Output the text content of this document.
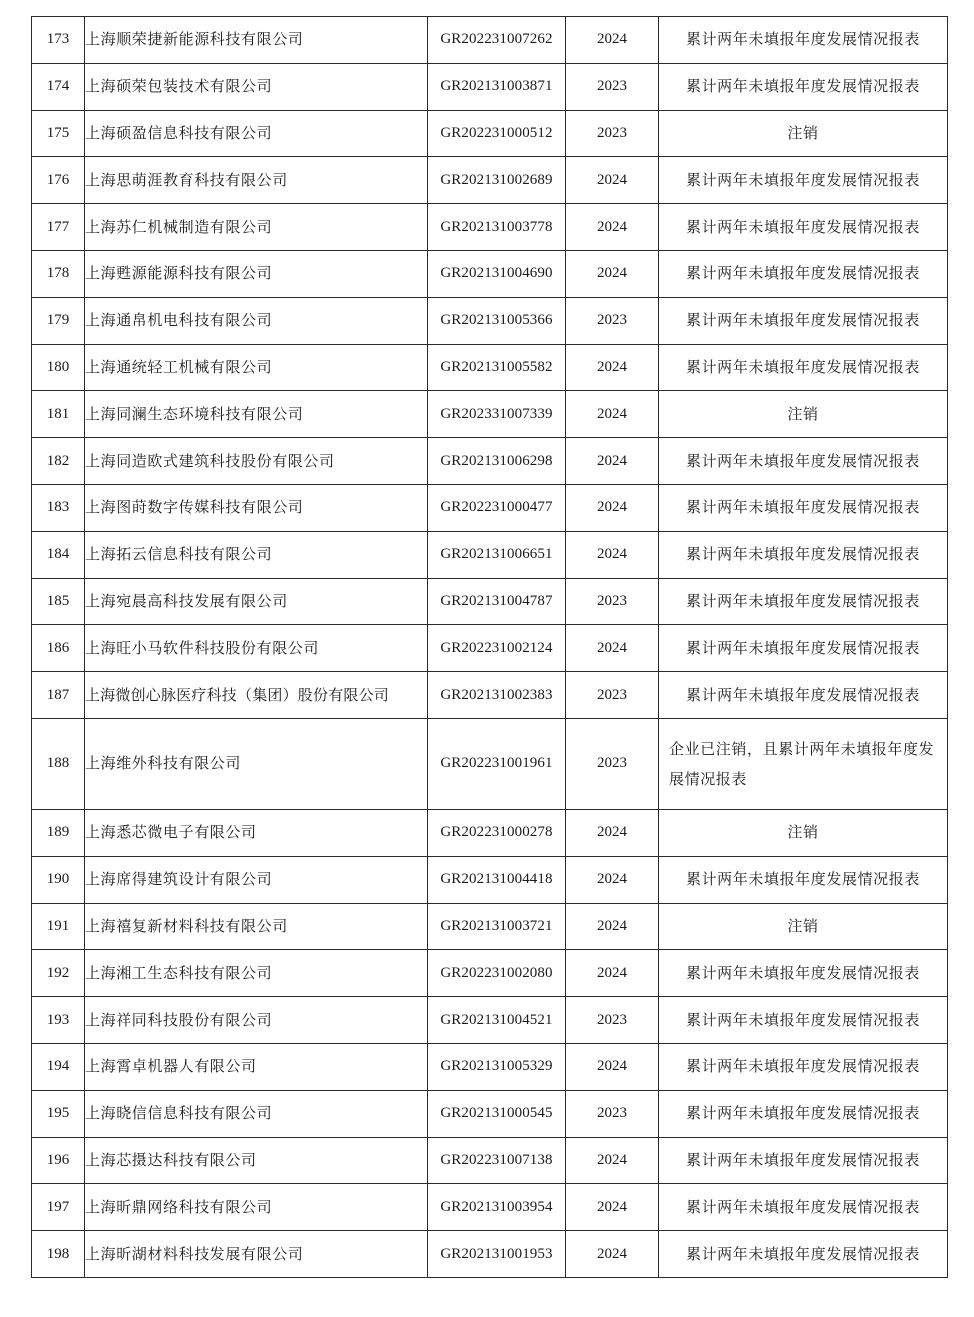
173	上海顺荣捷新能源科技有限公司	GR202231007262	2024	累计两年未填报年度发展情况报表
174	上海硕荣包装技术有限公司	GR202131003871	2023	累计两年未填报年度发展情况报表
175	上海硕盈信息科技有限公司	GR202231000512	2023	注销
176	上海思萌涯教育科技有限公司	GR202131002689	2024	累计两年未填报年度发展情况报表
177	上海苏仁机械制造有限公司	GR202131003778	2024	累计两年未填报年度发展情况报表
178	上海甦源能源科技有限公司	GR202131004690	2024	累计两年未填报年度发展情况报表
179	上海通帛机电科技有限公司	GR202131005366	2023	累计两年未填报年度发展情况报表
180	上海通统轻工机械有限公司	GR202131005582	2024	累计两年未填报年度发展情况报表
181	上海同澜生态环境科技有限公司	GR202331007339	2024	注销
182	上海同造欧式建筑科技股份有限公司	GR202131006298	2024	累计两年未填报年度发展情况报表
183	上海图莳数字传媒科技有限公司	GR202231000477	2024	累计两年未填报年度发展情况报表
184	上海拓云信息科技有限公司	GR202131006651	2024	累计两年未填报年度发展情况报表
185	上海宛晨高科技发展有限公司	GR202131004787	2023	累计两年未填报年度发展情况报表
186	上海旺小马软件科技股份有限公司	GR202231002124	2024	累计两年未填报年度发展情况报表
187	上海微创心脉医疗科技（集团）股份有限公司	GR202131002383	2023	累计两年未填报年度发展情况报表
188	上海维外科技有限公司	GR202231001961	2023	企业已注销，且累计两年未填报年度发展情况报表
189	上海悉芯微电子有限公司	GR202231000278	2024	注销
190	上海席得建筑设计有限公司	GR202131004418	2024	累计两年未填报年度发展情况报表
191	上海禧复新材料科技有限公司	GR202131003721	2024	注销
192	上海湘工生态科技有限公司	GR202231002080	2024	累计两年未填报年度发展情况报表
193	上海祥同科技股份有限公司	GR202131004521	2023	累计两年未填报年度发展情况报表
194	上海霄卓机器人有限公司	GR202131005329	2024	累计两年未填报年度发展情况报表
195	上海晓信信息科技有限公司	GR202131000545	2023	累计两年未填报年度发展情况报表
196	上海芯摄达科技有限公司	GR202231007138	2024	累计两年未填报年度发展情况报表
197	上海昕鼎网络科技有限公司	GR202131003954	2024	累计两年未填报年度发展情况报表
198	上海昕湖材料科技发展有限公司	GR202131001953	2024	累计两年未填报年度发展情况报表
